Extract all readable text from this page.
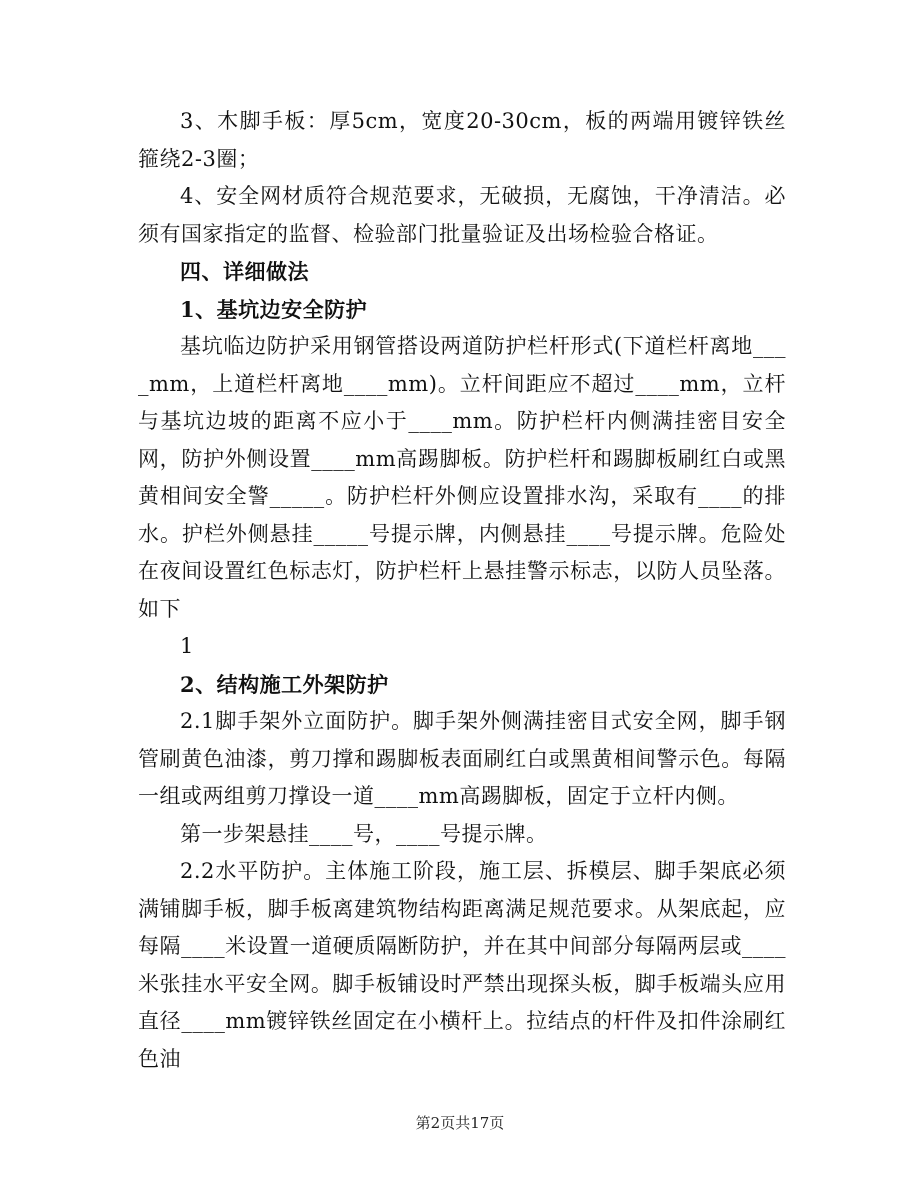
3、木脚手板：厚5cm，宽度20-30cm，板的两端用镀锌铁丝箍绕2-3圈；

4、安全网材质符合规范要求，无破损，无腐蚀，干净清洁。必须有国家指定的监督、检验部门批量验证及出场检验合格证。

四、详细做法

1、基坑边安全防护

基坑临边防护采用钢管搭设两道防护栏杆形式(下道栏杆离地____mm，上道栏杆离地____mm)。立杆间距应不超过____mm，立杆与基坑边坡的距离不应小于____mm。防护栏杆内侧满挂密目安全网，防护外侧设置____mm高踢脚板。防护栏杆和踢脚板刷红白或黑黄相间安全警_____。防护栏杆外侧应设置排水沟，采取有____的排水。护栏外侧悬挂_____号提示牌，内侧悬挂____号提示牌。危险处在夜间设置红色标志灯，防护栏杆上悬挂警示标志，以防人员坠落。如下

1

2、结构施工外架防护

2.1脚手架外立面防护。脚手架外侧满挂密目式安全网，脚手钢管刷黄色油漆，剪刀撑和踢脚板表面刷红白或黑黄相间警示色。每隔一组或两组剪刀撑设一道____mm高踢脚板，固定于立杆内侧。

第一步架悬挂____号，____号提示牌。

2.2水平防护。主体施工阶段，施工层、拆模层、脚手架底必须满铺脚手板，脚手板离建筑物结构距离满足规范要求。从架底起，应每隔____米设置一道硬质隔断防护，并在其中间部分每隔两层或____米张挂水平安全网。脚手板铺设时严禁出现探头板，脚手板端头应用直径____mm镀锌铁丝固定在小横杆上。拉结点的杆件及扣件涂刷红色油

第2页共17页
